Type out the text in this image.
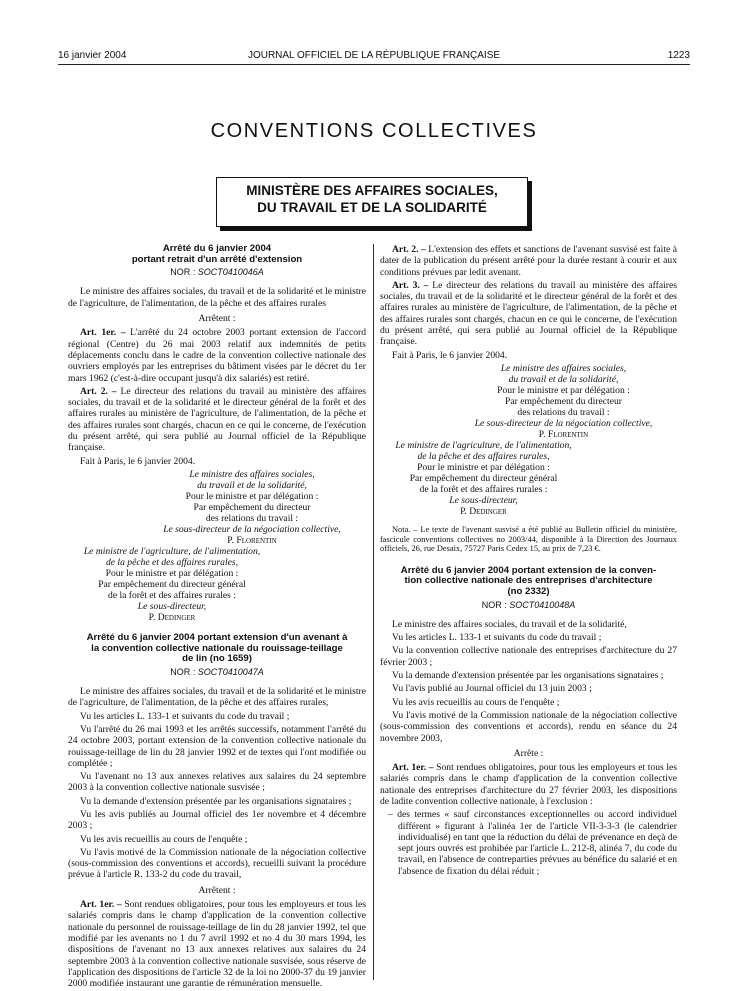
16 janvier 2004	JOURNAL OFFICIEL DE LA RÉPUBLIQUE FRANÇAISE	1223
CONVENTIONS COLLECTIVES
MINISTÈRE DES AFFAIRES SOCIALES,
DU TRAVAIL ET DE LA SOLIDARITÉ
Arrêté du 6 janvier 2004
portant retrait d'un arrêté d'extension
NOR : SOCT0410046A

Le ministre des affaires sociales, du travail et de la solidarité et le ministre de l'agriculture, de l'alimentation, de la pêche et des affaires rurales

Arrêtent :

Art. 1er. – L'arrêté du 24 octobre 2003 portant extension de l'accord régional (Centre) du 26 mai 2003 relatif aux indemnités de petits déplacements conclu dans le cadre de la convention collective nationale des ouvriers employés par les entreprises du bâtiment visées par le décret du 1er mars 1962 (c'est-à-dire occupant jusqu'à dix salariés) est retiré.

Art. 2. – Le directeur des relations du travail au ministère des affaires sociales, du travail et de la solidarité et le directeur général de la forêt et des affaires rurales au ministère de l'agriculture, de l'alimentation, de la pêche et des affaires rurales sont chargés, chacun en ce qui le concerne, de l'exécution du présent arrêté, qui sera publié au Journal officiel de la République française.

Fait à Paris, le 6 janvier 2004.

Le ministre des affaires sociales,

du travail et de la solidarité,

Pour le ministre et par délégation :

Par empêchement du directeur

des relations du travail :

Le sous-directeur de la négociation collective,

P. Florentin

Le ministre de l'agriculture, de l'alimentation,

de la pêche et des affaires rurales,

Pour le ministre et par délégation :

Par empêchement du directeur général

de la forêt et des affaires rurales :

Le sous-directeur,

P. Dedinger

Arrêté du 6 janvier 2004 portant extension d'un avenant à
la convention collective nationale du rouissage-teillage
de lin (no 1659)
NOR : SOCT0410047A

Le ministre des affaires sociales, du travail et de la solidarité et le ministre de l'agriculture, de l'alimentation, de la pêche et des affaires rurales,

Vu les articles L. 133-1 et suivants du code du travail ;

Vu l'arrêté du 26 mai 1993 et les arrêtés successifs, notamment l'arrêté du 24 octobre 2003, portant extension de la convention collective nationale du rouissage-teillage de lin du 28 janvier 1992 et de textes qui l'ont modifiée ou complétée ;

Vu l'avenant no 13 aux annexes relatives aux salaires du 24 septembre 2003 à la convention collective nationale susvisée ;

Vu la demande d'extension présentée par les organisations signataires ;

Vu les avis publiés au Journal officiel des 1er novembre et 4 décembre 2003 ;

Vu les avis recueillis au cours de l'enquête ;

Vu l'avis motivé de la Commission nationale de la négociation collective (sous-commission des conventions et accords), recueilli suivant la procédure prévue à l'article R. 133-2 du code du travail,

Arrêtent :

Art. 1er. – Sont rendues obligatoires, pour tous les employeurs et tous les salariés compris dans le champ d'application de la convention collective nationale du personnel de rouissage-teillage de lin du 28 janvier 1992, tel que modifié par les avenants no 1 du 7 avril 1992 et no 4 du 30 mars 1994, les dispositions de l'avenant no 13 aux annexes relatives aux salaires du 24 septembre 2003 à la convention collective nationale susvisée, sous réserve de l'application des dispositions de l'article 32 de la loi no 2000-37 du 19 janvier 2000 modifiée instaurant une garantie de rémunération mensuelle.

Art. 2. – L'extension des effets et sanctions de l'avenant susvisé est faite à dater de la publication du présent arrêté pour la durée restant à courir et aux conditions prévues par ledit avenant.

Art. 3. – Le directeur des relations du travail au ministère des affaires sociales, du travail et de la solidarité et le directeur général de la forêt et des affaires rurales au ministère de l'agriculture, de l'alimentation, de la pêche et des affaires rurales sont chargés, chacun en ce qui le concerne, de l'exécution du présent arrêté, qui sera publié au Journal officiel de la République française.

Fait à Paris, le 6 janvier 2004.

Le ministre des affaires sociales,

du travail et de la solidarité,

Pour le ministre et par délégation :

Par empêchement du directeur

des relations du travail :

Le sous-directeur de la négociation collective,

P. Florentin

Le ministre de l'agriculture, de l'alimentation,

de la pêche et des affaires rurales,

Pour le ministre et par délégation :

Par empêchement du directeur général

de la forêt et des affaires rurales :

Le sous-directeur,

P. Dedinger

Nota. – Le texte de l'avenant susvisé a été publié au Bulletin officiel du ministère, fascicule conventions collectives no 2003/44, disponible à la Direction des Journaux officiels, 26, rue Desaix, 75727 Paris Cedex 15, au prix de 7,23 €.

Arrêté du 6 janvier 2004 portant extension de la conven-
tion collective nationale des entreprises d'architecture
(no 2332)
NOR : SOCT0410048A

Le ministre des affaires sociales, du travail et de la solidarité,

Vu les articles L. 133-1 et suivants du code du travail ;

Vu la convention collective nationale des entreprises d'architecture du 27 février 2003 ;

Vu la demande d'extension présentée par les organisations signataires ;

Vu l'avis publié au Journal officiel du 13 juin 2003 ;

Vu les avis recueillis au cours de l'enquête ;

Vu l'avis motivé de la Commission nationale de la négociation collective (sous-commission des conventions et accords), rendu en séance du 24 novembre 2003,

Arrête :

Art. 1er. – Sont rendues obligatoires, pour tous les employeurs et tous les salariés compris dans le champ d'application de la convention collective nationale des entreprises d'architecture du 27 février 2003, les dispositions de ladite convention collective nationale, à l'exclusion :

– des termes « sauf circonstances exceptionnelles ou accord individuel différent » figurant à l'alinéa 1er de l'article VII-3-3-3 (le calendrier individualisé) en tant que la réduction du délai de prévenance en deçà de sept jours ouvrés est prohibée par l'article L. 212-8, alinéa 7, du code du travail, en l'absence de contreparties prévues au bénéfice du salarié et en l'absence de fixation du délai réduit ;
